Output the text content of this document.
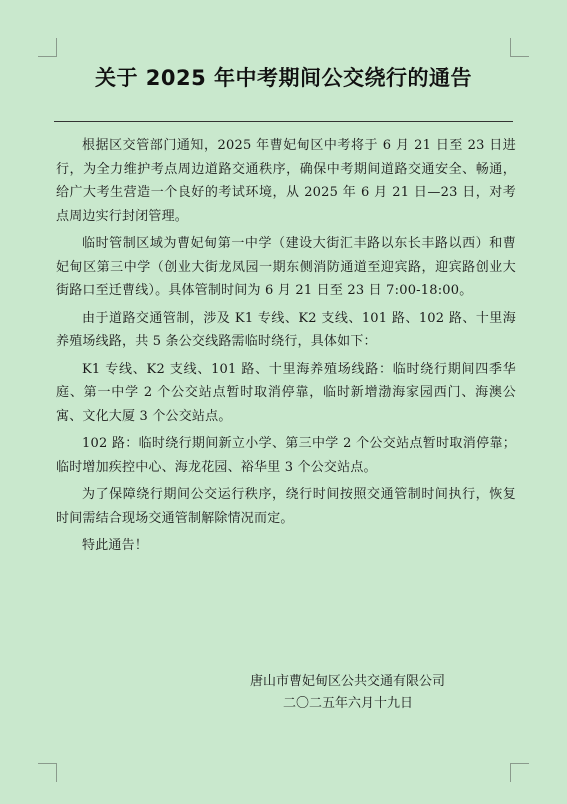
关于 2025 年中考期间公交绕行的通告

根据区交管部门通知，2025 年曹妃甸区中考将于 6 月 21 日至 23 日进行，为全力维护考点周边道路交通秩序，确保中考期间道路交通安全、畅通，给广大考生营造一个良好的考试环境，从 2025 年 6 月 21 日—23 日，对考点周边实行封闭管理。

临时管制区域为曹妃甸第一中学（建设大街汇丰路以东长丰路以西）和曹妃甸区第三中学（创业大街龙凤园一期东侧消防通道至迎宾路，迎宾路创业大街路口至迁曹线）。具体管制时间为 6 月 21 日至 23 日 7:00-18:00。

由于道路交通管制，涉及 K1 专线、K2 支线、101 路、102 路、十里海养殖场线路，共 5 条公交线路需临时绕行，具体如下：

K1 专线、K2 支线、101 路、十里海养殖场线路：临时绕行期间四季华庭、第一中学 2 个公交站点暂时取消停靠，临时新增渤海家园西门、海澳公寓、文化大厦 3 个公交站点。

102 路：临时绕行期间新立小学、第三中学 2 个公交站点暂时取消停靠；临时增加疾控中心、海龙花园、裕华里 3 个公交站点。

为了保障绕行期间公交运行秩序，绕行时间按照交通管制时间执行，恢复时间需结合现场交通管制解除情况而定。

特此通告！

唐山市曹妃甸区公共交通有限公司
二〇二五年六月十九日
